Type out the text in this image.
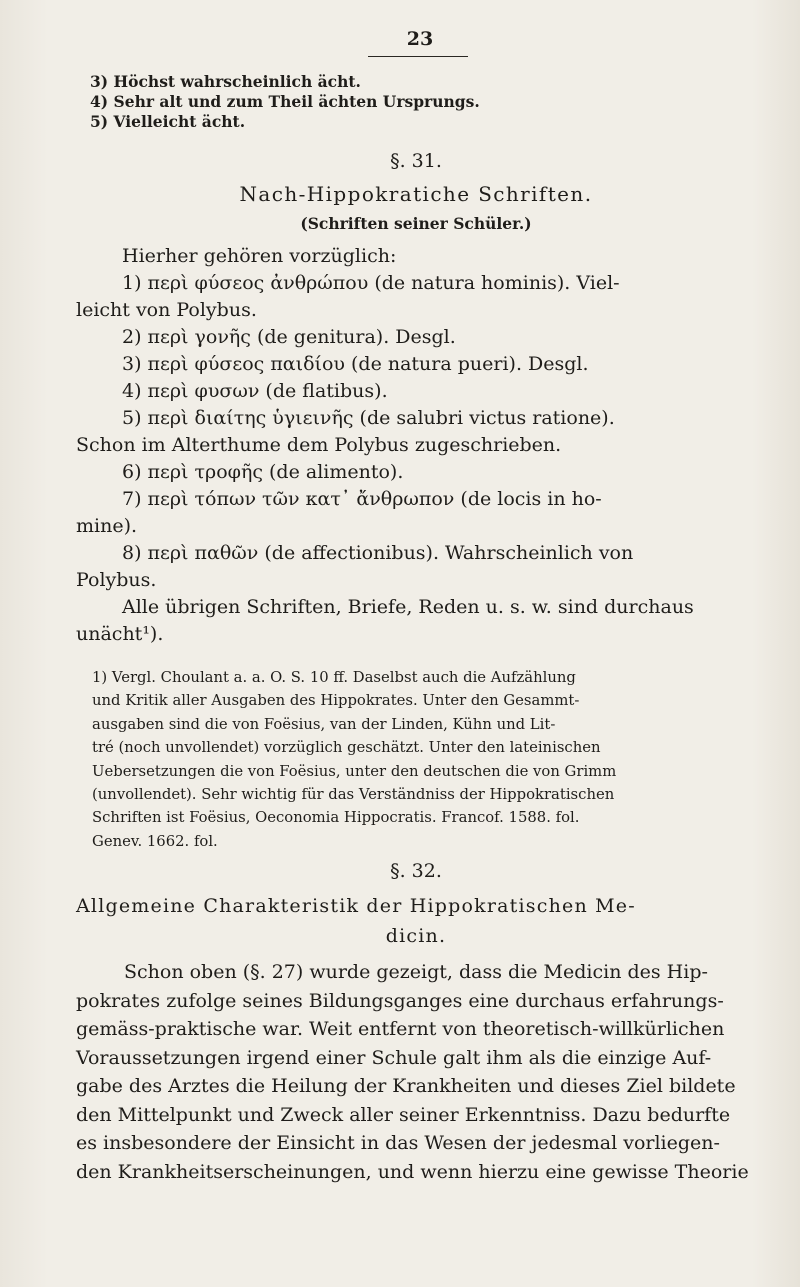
23
3) Höchst wahrscheinlich ächt.
4) Sehr alt und zum Theil ächten Ursprungs.
5) Vielleicht ächt.
§. 31.
Nach-Hippokratiche Schriften.
(Schriften seiner Schüler.)
Hierher gehören vorzüglich:
1) περὶ φύσεος ἀνθρώπου (de natura hominis). Viel-
leicht von Polybus.
2) περὶ γονῆς (de genitura). Desgl.
3) περὶ φύσεος παιδίου (de natura pueri). Desgl.
4) περὶ φυσων (de flatibus).
5) περὶ διαίτης ὑγιεινῆς (de salubri victus ratione).
Schon im Alterthume dem Polybus zugeschrieben.
6) περὶ τροφῆς (de alimento).
7) περὶ τόπων τῶν κατ᾽ ἄνθρωπον (de locis in ho-
mine).
8) περὶ παθῶν (de affectionibus). Wahrscheinlich von
Polybus.
Alle übrigen Schriften, Briefe, Reden u. s. w. sind durchaus
unächt¹).
1) Vergl. Choulant a. a. O. S. 10 ff. Daselbst auch die Aufzählung
und Kritik aller Ausgaben des Hippokrates. Unter den Gesammt-
ausgaben sind die von Foësius, van der Linden, Kühn und Lit-
tré (noch unvollendet) vorzüglich geschätzt. Unter den lateinischen
Uebersetzungen die von Foësius, unter den deutschen die von Grimm
(unvollendet). Sehr wichtig für das Verständniss der Hippokratischen
Schriften ist Foësius, Oeconomia Hippocratis. Francof. 1588. fol.
Genev. 1662. fol.
§. 32.
Allgemeine Charakteristik der Hippokratischen Me-
dicin.
Schon oben (§. 27) wurde gezeigt, dass die Medicin des Hip-
pokrates zufolge seines Bildungsganges eine durchaus erfahrungs-
gemäss-praktische war. Weit entfernt von theoretisch-willkürlichen
Voraussetzungen irgend einer Schule galt ihm als die einzige Auf-
gabe des Arztes die Heilung der Krankheiten und dieses Ziel bildete
den Mittelpunkt und Zweck aller seiner Erkenntniss. Dazu bedurfte
es insbesondere der Einsicht in das Wesen der jedesmal vorliegen-
den Krankheitserscheinungen, und wenn hierzu eine gewisse Theorie
